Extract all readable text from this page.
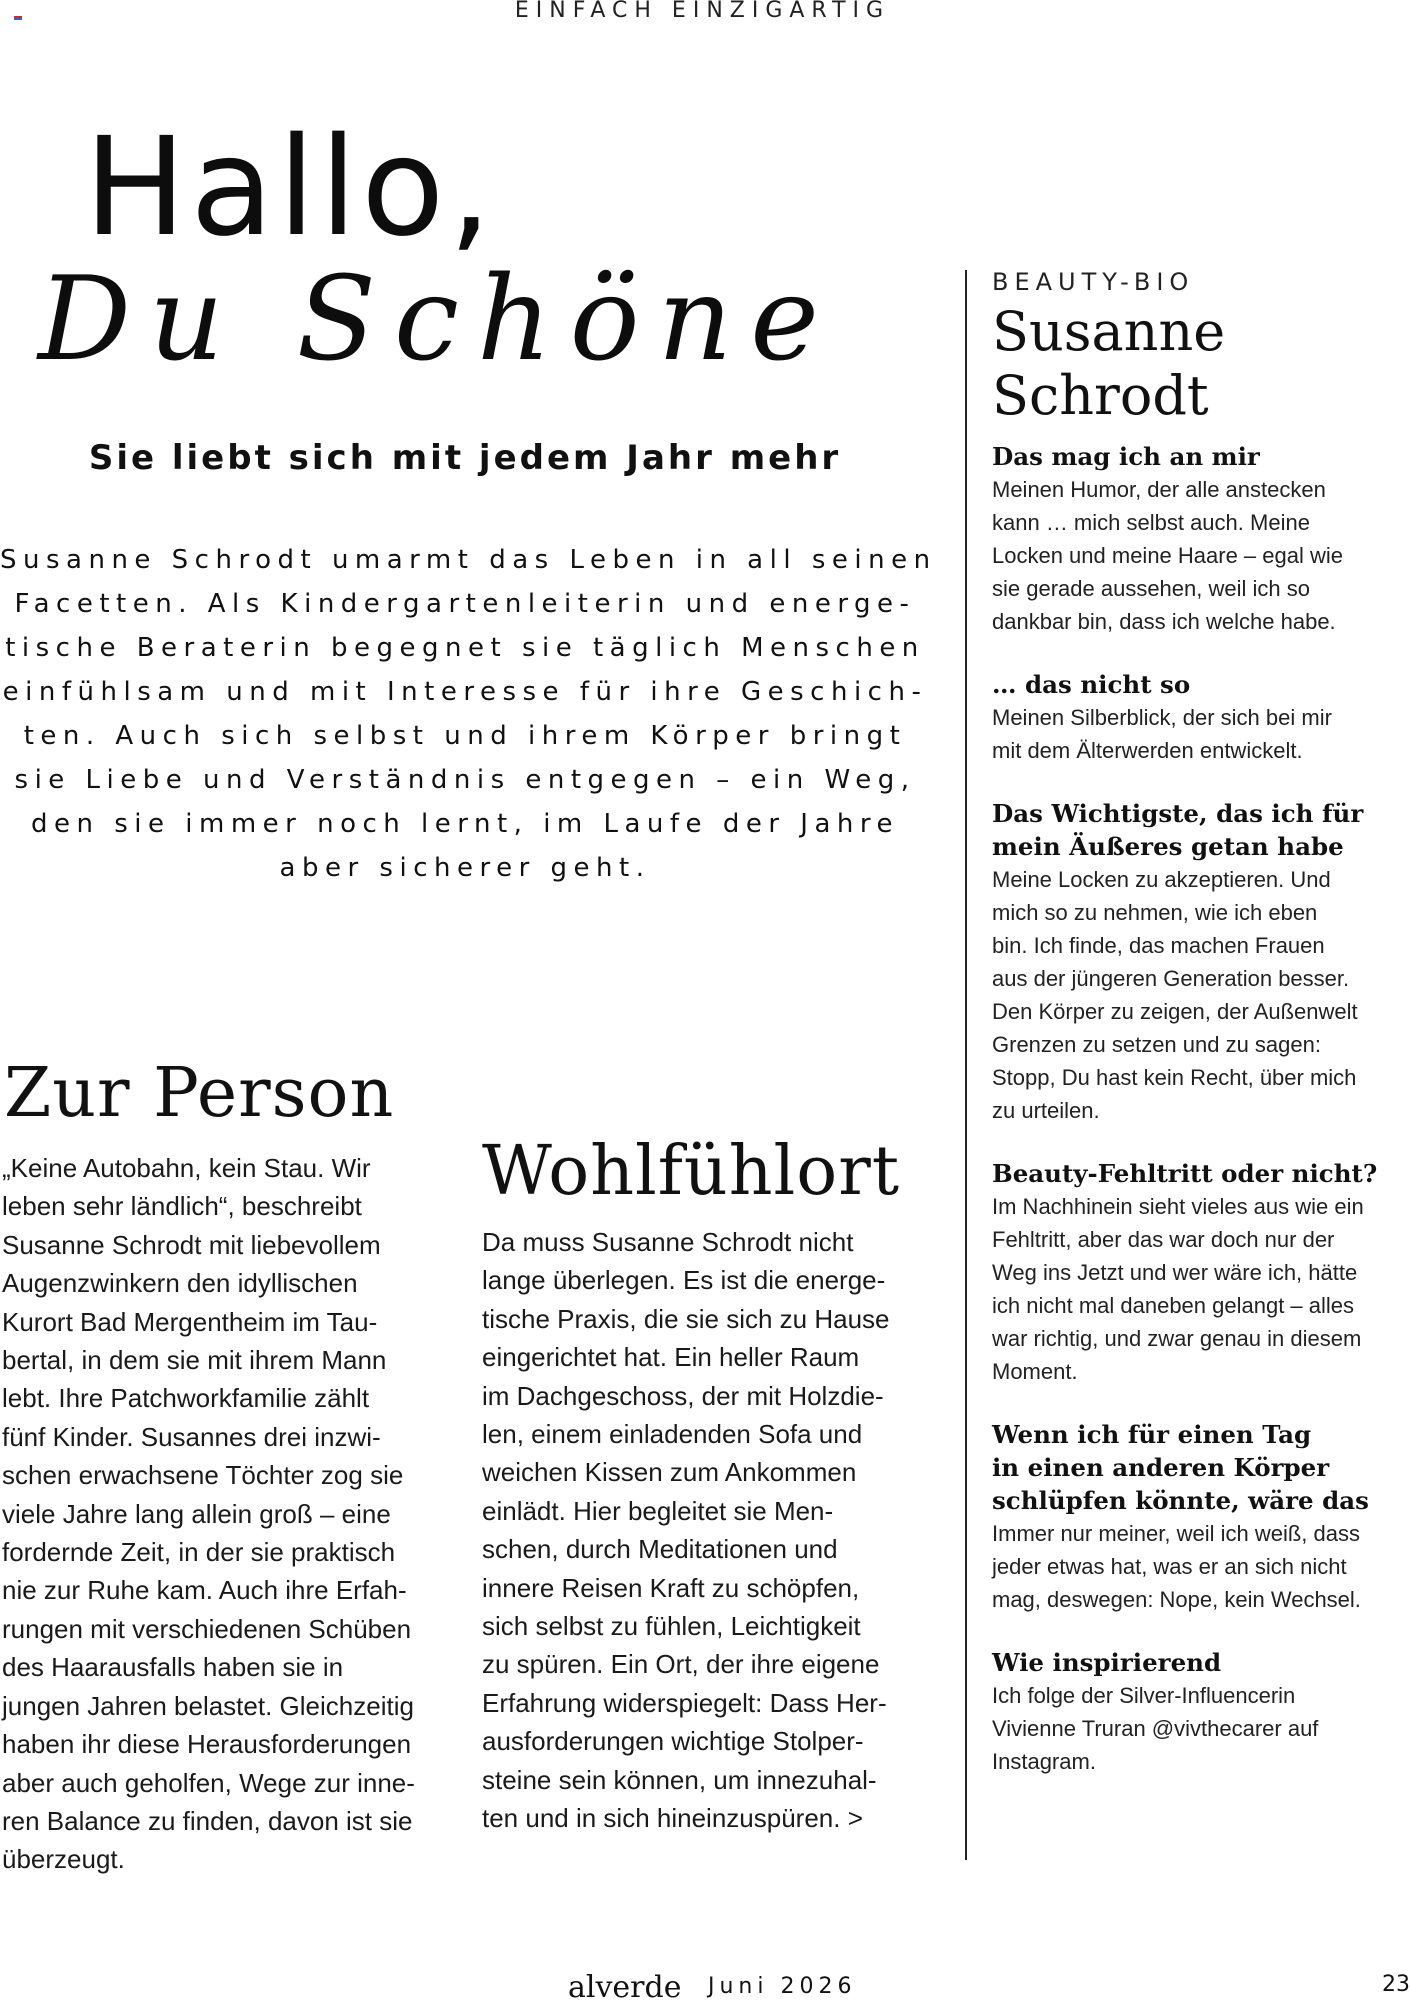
EINFACH EINZIGARTIG
Hallo,
Du Schöne
Sie liebt sich mit jedem Jahr mehr
Susanne Schrodt umarmt das Leben in all seinen
Facetten. Als Kindergartenleiterin und energe-
tische Beraterin begegnet sie täglich Menschen
einfühlsam und mit Interesse für ihre Geschich-
ten. Auch sich selbst und ihrem Körper bringt
sie Liebe und Verständnis entgegen – ein Weg,
den sie immer noch lernt, im Laufe der Jahre
aber sicherer geht.
Zur Person
„Keine Autobahn, kein Stau. Wir
leben sehr ländlich“, beschreibt
Susanne Schrodt mit liebevollem
Augenzwinkern den idyllischen
Kurort Bad Mergentheim im Tau-
bertal, in dem sie mit ihrem Mann
lebt. Ihre Patchworkfamilie zählt
fünf Kinder. Susannes drei inzwi-
schen erwachsene Töchter zog sie
viele Jahre lang allein groß – eine
fordernde Zeit, in der sie praktisch
nie zur Ruhe kam. Auch ihre Erfah-
rungen mit verschiedenen Schüben
des Haarausfalls haben sie in
jungen Jahren belastet. Gleichzeitig
haben ihr diese Herausforderungen
aber auch geholfen, Wege zur inne-
ren Balance zu finden, davon ist sie
überzeugt.
Wohlfühlort
Da muss Susanne Schrodt nicht
lange überlegen. Es ist die energe-
tische Praxis, die sie sich zu Hause
eingerichtet hat. Ein heller Raum
im Dachgeschoss, der mit Holzdie-
len, einem einladenden Sofa und
weichen Kissen zum Ankommen
einlädt. Hier begleitet sie Men-
schen, durch Meditationen und
innere Reisen Kraft zu schöpfen,
sich selbst zu fühlen, Leichtigkeit
zu spüren. Ein Ort, der ihre eigene
Erfahrung widerspiegelt: Dass Her-
ausforderungen wichtige Stolper-
steine sein können, um innezuhal-
ten und in sich hineinzuspüren. >
BEAUTY-BIO
Susanne
Schrodt
Das mag ich an mir
Meinen Humor, der alle anstecken
kann … mich selbst auch. Meine
Locken und meine Haare – egal wie
sie gerade aussehen, weil ich so
dankbar bin, dass ich welche habe.
… das nicht so
Meinen Silberblick, der sich bei mir
mit dem Älterwerden entwickelt.
Das Wichtigste, das ich für
mein Äußeres getan habe
Meine Locken zu akzeptieren. Und
mich so zu nehmen, wie ich eben
bin. Ich finde, das machen Frauen
aus der jüngeren Generation besser.
Den Körper zu zeigen, der Außenwelt
Grenzen zu setzen und zu sagen:
Stopp, Du hast kein Recht, über mich
zu urteilen.
Beauty-Fehltritt oder nicht?
Im Nachhinein sieht vieles aus wie ein
Fehltritt, aber das war doch nur der
Weg ins Jetzt und wer wäre ich, hätte
ich nicht mal daneben gelangt – alles
war richtig, und zwar genau in diesem
Moment.
Wenn ich für einen Tag
in einen anderen Körper
schlüpfen könnte, wäre das
Immer nur meiner, weil ich weiß, dass
jeder etwas hat, was er an sich nicht
mag, deswegen: Nope, kein Wechsel.
Wie inspirierend
Ich folge der Silver-Influencerin
Vivienne Truran @vivthecarer auf
Instagram.
alverde Juni 2026	23
